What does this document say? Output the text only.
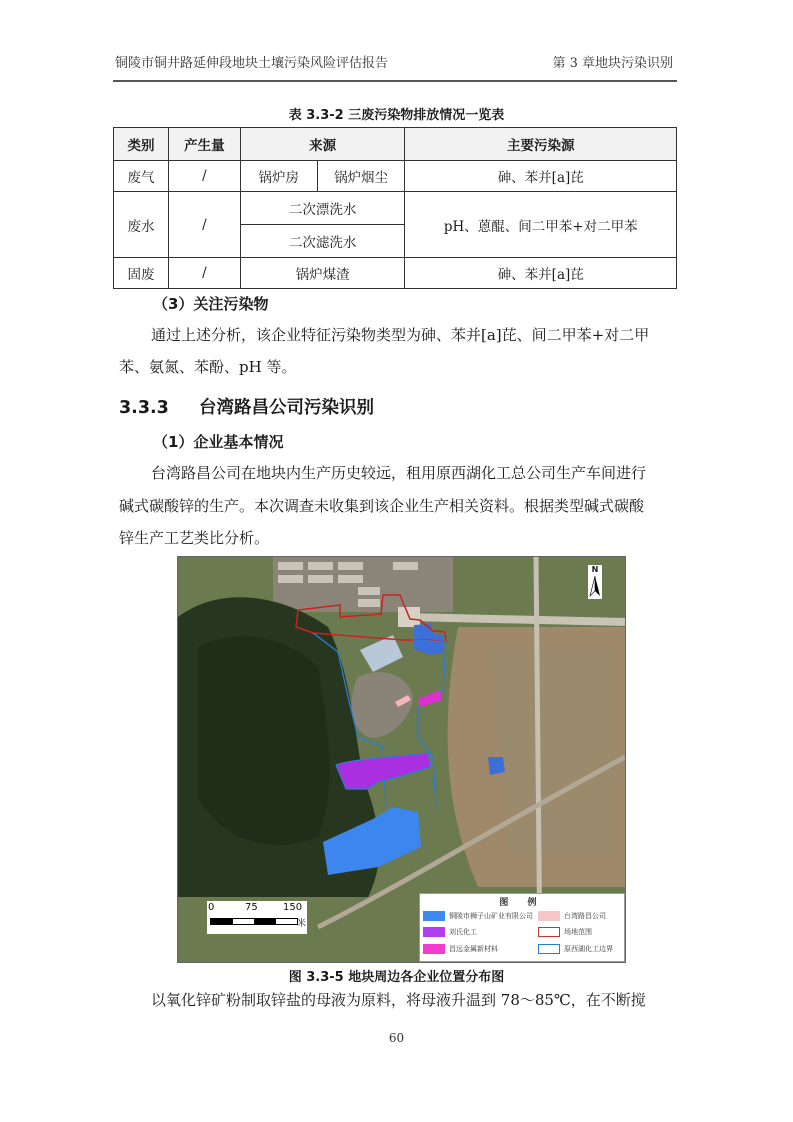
铜陵市铜井路延伸段地块土壤污染风险评估报告	第 3 章地块污染识别
表 3.3-2 三废污染物排放情况一览表
类别	产生量	来源		主要污染源
废气	/	锅炉房	锅炉烟尘	砷、苯并[a]芘
废水	/	二次漂洗水		pH、蒽醌、间二甲苯+对二甲苯
		二次滤洗水		
固废	/	锅炉煤渣		砷、苯并[a]芘
（3）关注污染物
通过上述分析，该企业特征污染物类型为砷、苯并[a]芘、间二甲苯+对二甲
苯、氨氮、苯酚、pH 等。
3.3.3 台湾路昌公司污染识别
（1）企业基本情况
台湾路昌公司在地块内生产历史较远，租用原西湖化工总公司生产车间进行
碱式碳酸锌的生产。本次调查未收集到该企业生产相关资料。根据类型碱式碳酸
锌生产工艺类比分析。
N
0	75	150
米
图 例
铜陵市狮子山矿业有限公司
刘氏化工
昌远金属新材料
台湾路昌公司
场地范围
原西湖化工边界
图 3.3-5 地块周边各企业位置分布图
以氧化锌矿粉制取锌盐的母液为原料，将母液升温到 78～85℃，在不断搅
60
